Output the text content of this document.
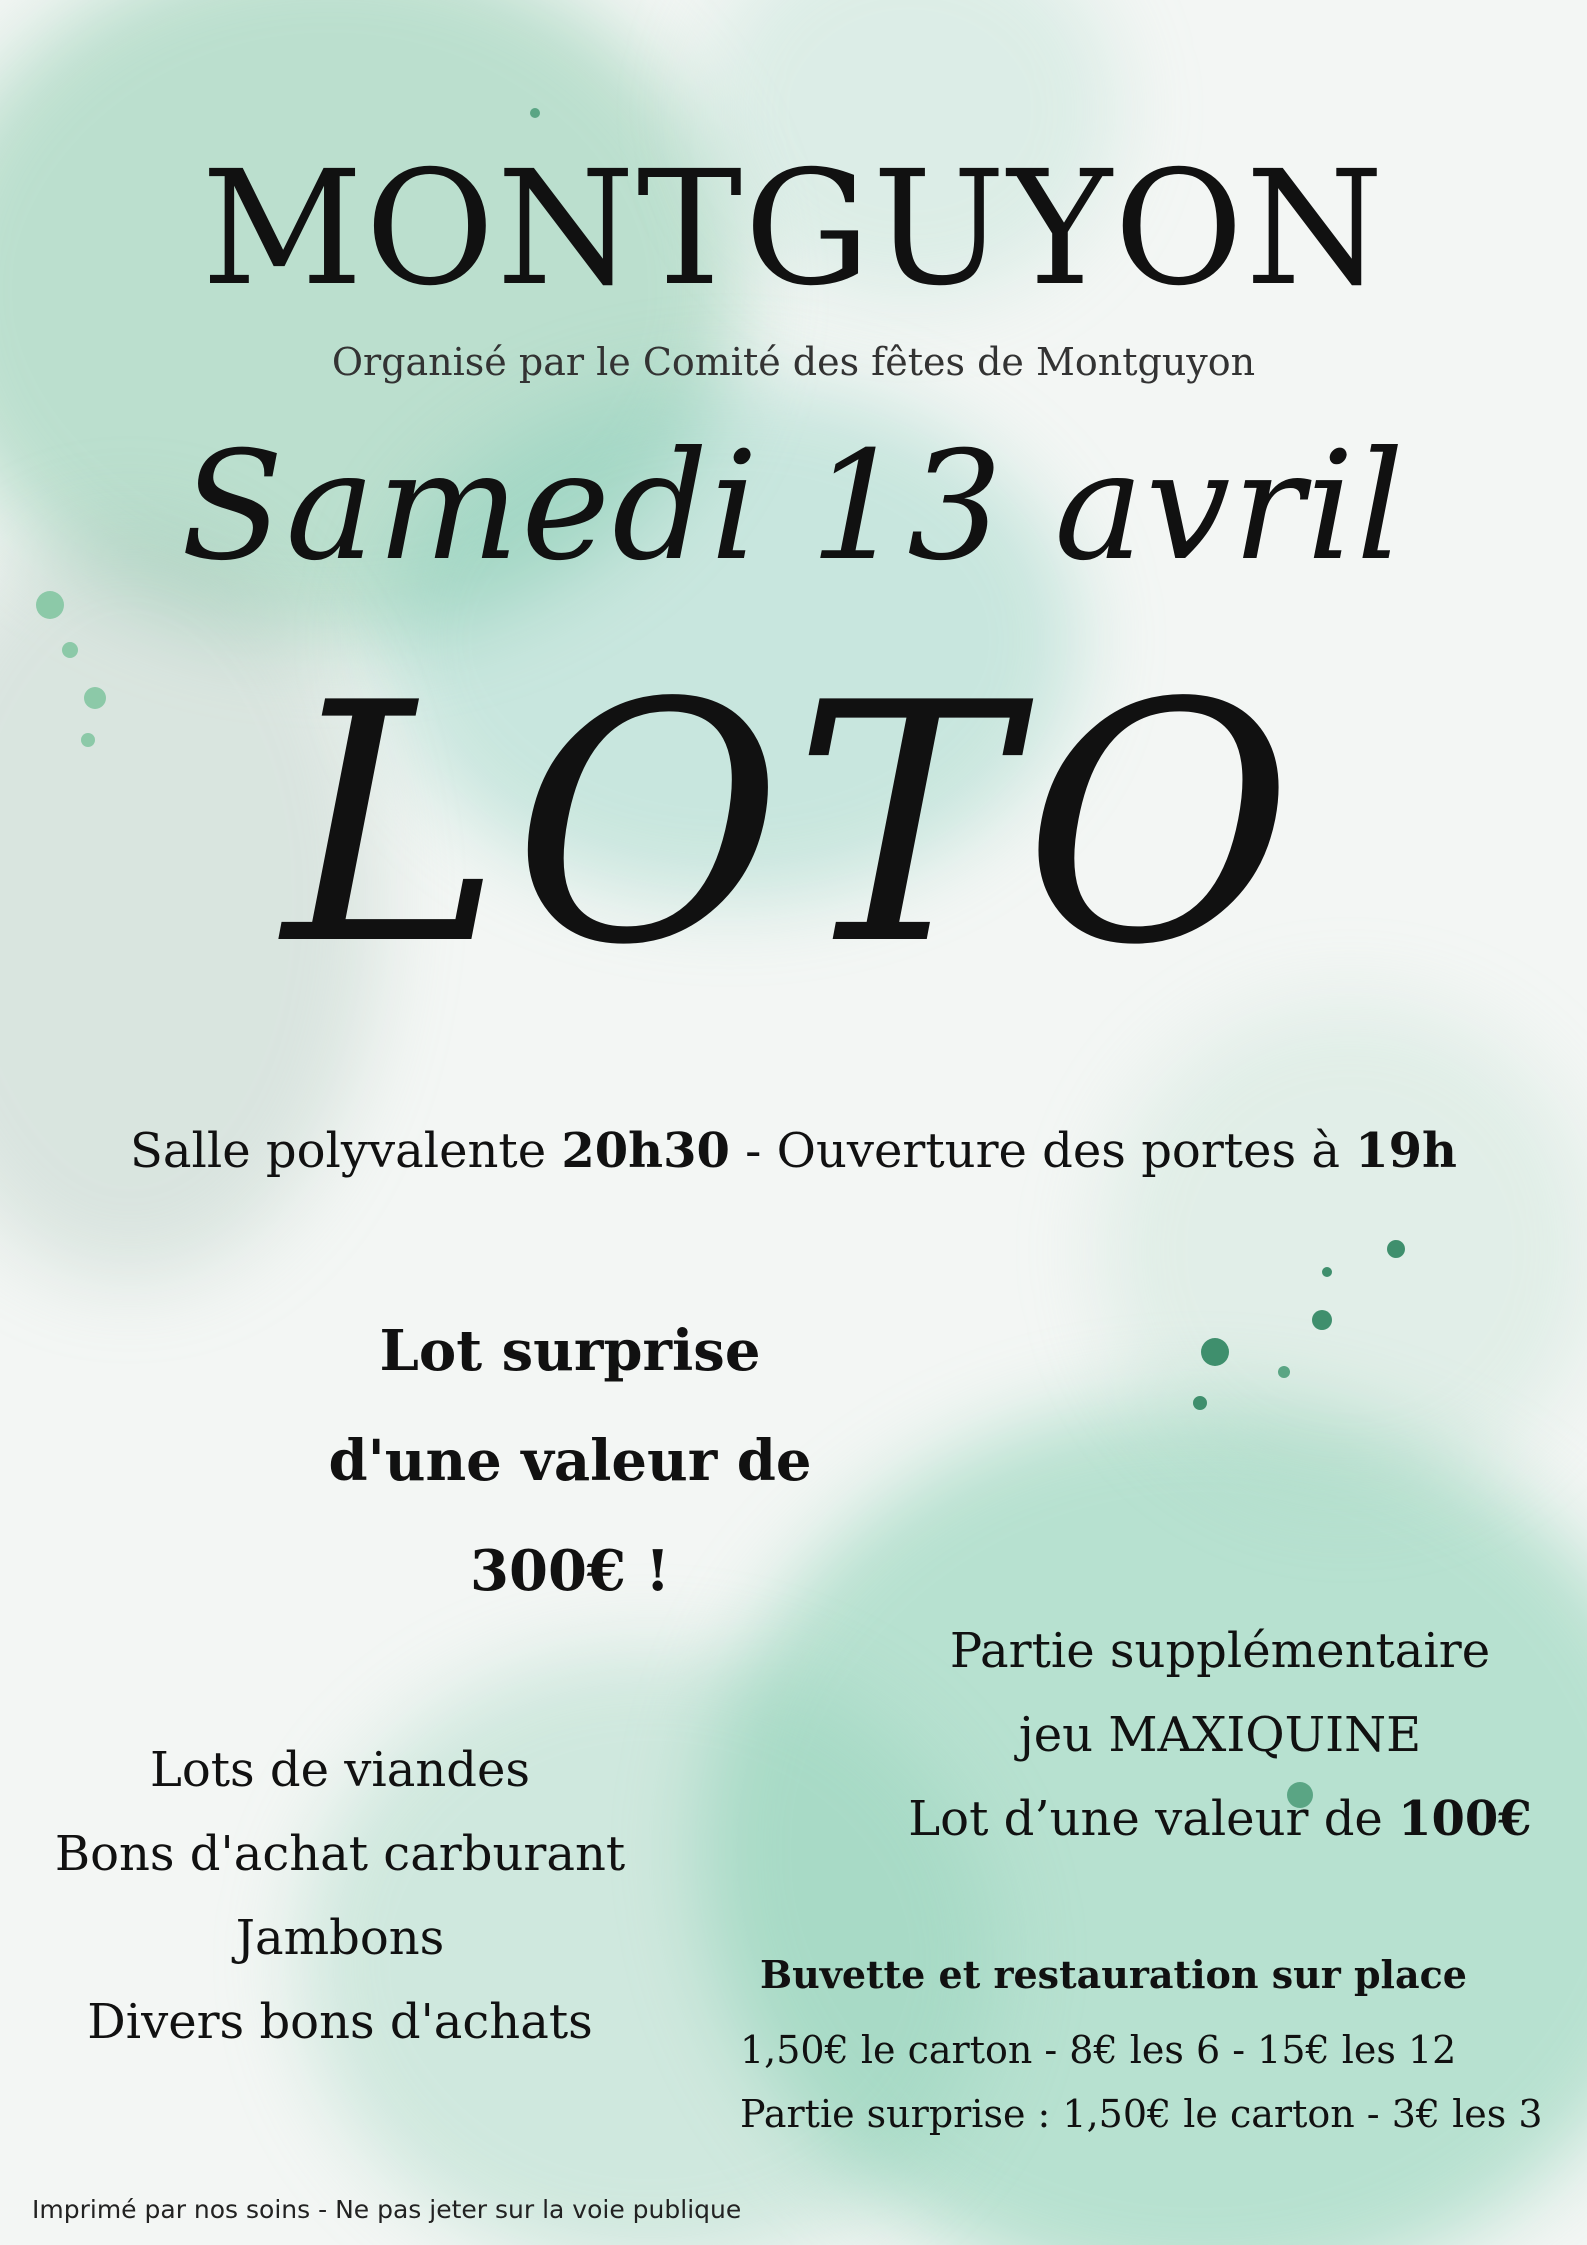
MONTGUYON
Organisé par le Comité des fêtes de Montguyon
Samedi 13 avril
LOTO
Salle polyvalente 20h30 - Ouverture des portes à 19h
Lot surprise
d'une valeur de
300€ !
Lots de viandes
Bons d'achat carburant
Jambons
Divers bons d'achats
Partie supplémentaire
jeu MAXIQUINE
Lot d’une valeur de 100€
Buvette et restauration sur place
1,50€ le carton - 8€ les 6 - 15€ les 12
Partie surprise : 1,50€ le carton - 3€ les 3
Imprimé par nos soins - Ne pas jeter sur la voie publique
